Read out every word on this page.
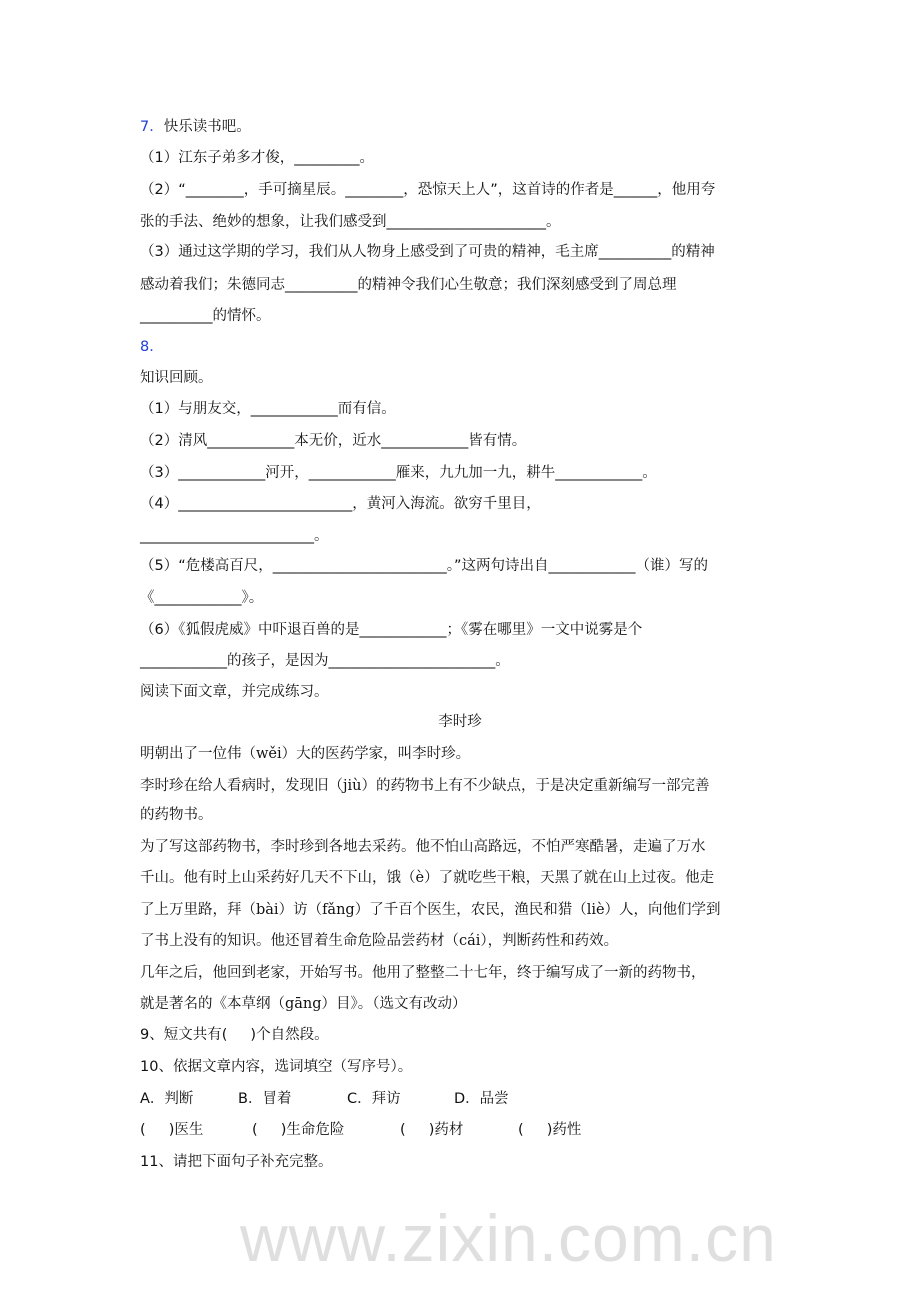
7．快乐读书吧。
（1）江东子弟多才俊，_________。
（2）“________，手可摘星辰。________，恐惊天上人”，这首诗的作者是______，他用夸
张的手法、绝妙的想象，让我们感受到______________________。
（3）通过这学期的学习，我们从人物身上感受到了可贵的精神，毛主席__________的精神
感动着我们；朱德同志__________的精神令我们心生敬意；我们深刻感受到了周总理
__________的情怀。
8．
知识回顾。
（1）与朋友交，____________而有信。
（2）清风____________本无价，近水____________皆有情。
（3）____________河开，____________雁来，九九加一九，耕牛____________。
（4）________________________，黄河入海流。欲穷千里目，
________________________。
（5）“危楼高百尺，________________________。”这两句诗出自____________（谁）写的
《____________》。
（6）《狐假虎威》中吓退百兽的是____________；《雾在哪里》一文中说雾是个
____________的孩子，是因为_______________________。
阅读下面文章，并完成练习。
李时珍
明朝出了一位伟（wěi）大的医药学家，叫李时珍。
李时珍在给人看病时，发现旧（jiù）的药物书上有不少缺点，于是决定重新编写一部完善
的药物书。
为了写这部药物书，李时珍到各地去采药。他不怕山高路远，不怕严寒酷暑，走遍了万水
千山。他有时上山采药好几天不下山，饿（è）了就吃些干粮，天黑了就在山上过夜。他走
了上万里路，拜（bài）访（fǎng）了千百个医生，农民，渔民和猎（liè）人，向他们学到
了书上没有的知识。他还冒着生命危险品尝药材（cái），判断药性和药效。
几年之后，他回到老家，开始写书。他用了整整二十七年，终于编写成了一新的药物书，
就是著名的《本草纲（gāng）目》。（选文有改动）
9、短文共有(     )个自然段。
10、依据文章内容，选词填空（写序号）。
A．判断	B．冒着	C．拜访	D．品尝
(     )医生	(     )生命危险	(     )药材	(     )药性
11、请把下面句子补充完整。
www.zixin.com.cn
